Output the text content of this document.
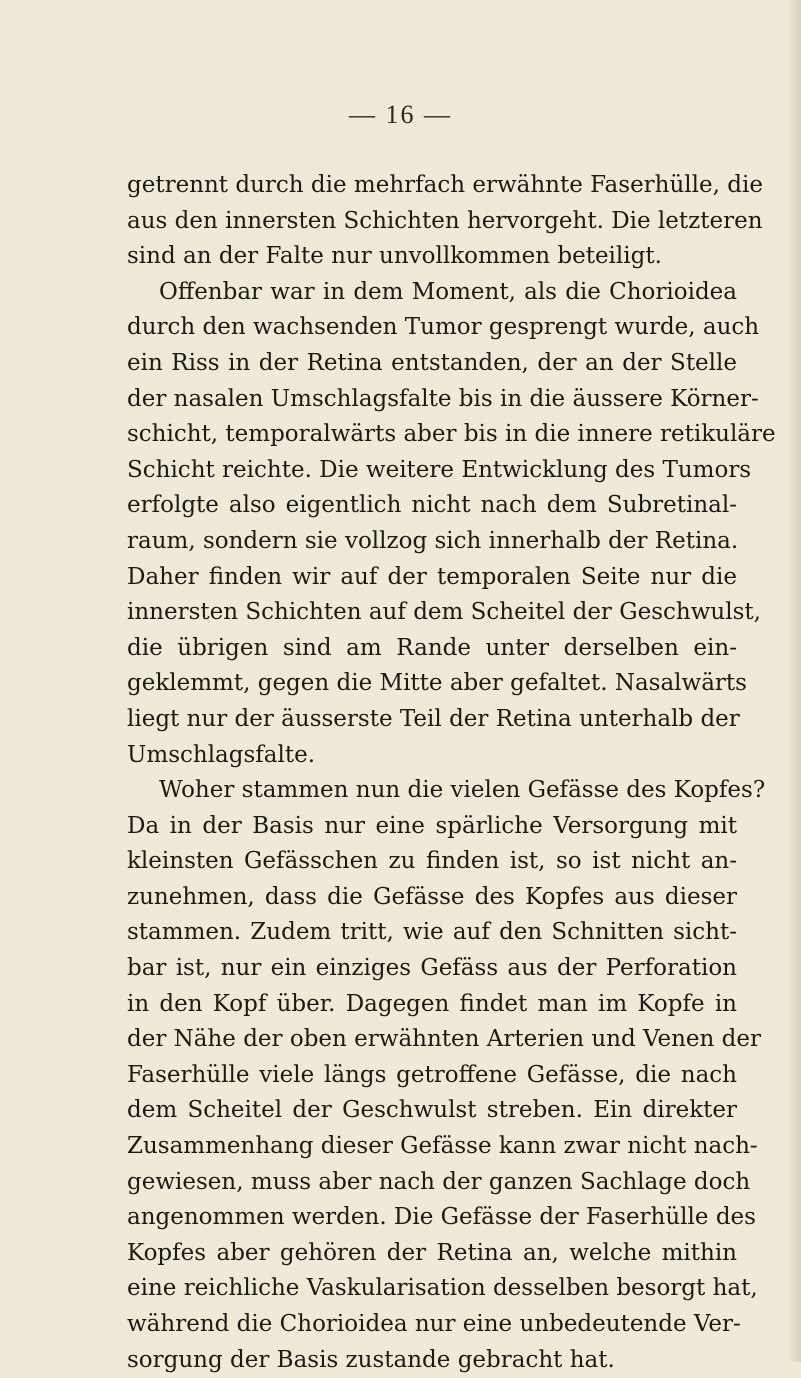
— 16 —
getrennt durch die mehrfach erwähnte Faserhülle, die
aus den innersten Schichten hervorgeht. Die letzteren
sind an der Falte nur unvollkommen beteiligt.
Offenbar war in dem Moment, als die Chorioidea
durch den wachsenden Tumor gesprengt wurde, auch
ein Riss in der Retina entstanden, der an der Stelle
der nasalen Umschlagsfalte bis in die äussere Körner-
schicht, temporalwärts aber bis in die innere retikuläre
Schicht reichte. Die weitere Entwicklung des Tumors
erfolgte also eigentlich nicht nach dem Subretinal-
raum, sondern sie vollzog sich innerhalb der Retina.
Daher finden wir auf der temporalen Seite nur die
innersten Schichten auf dem Scheitel der Geschwulst,
die übrigen sind am Rande unter derselben ein-
geklemmt, gegen die Mitte aber gefaltet. Nasalwärts
liegt nur der äusserste Teil der Retina unterhalb der
Umschlagsfalte.
Woher stammen nun die vielen Gefässe des Kopfes?
Da in der Basis nur eine spärliche Versorgung mit
kleinsten Gefässchen zu finden ist, so ist nicht an-
zunehmen, dass die Gefässe des Kopfes aus dieser
stammen. Zudem tritt, wie auf den Schnitten sicht-
bar ist, nur ein einziges Gefäss aus der Perforation
in den Kopf über. Dagegen findet man im Kopfe in
der Nähe der oben erwähnten Arterien und Venen der
Faserhülle viele längs getroffene Gefässe, die nach
dem Scheitel der Geschwulst streben. Ein direkter
Zusammenhang dieser Gefässe kann zwar nicht nach-
gewiesen, muss aber nach der ganzen Sachlage doch
angenommen werden. Die Gefässe der Faserhülle des
Kopfes aber gehören der Retina an, welche mithin
eine reichliche Vaskularisation desselben besorgt hat,
während die Chorioidea nur eine unbedeutende Ver-
sorgung der Basis zustande gebracht hat.
